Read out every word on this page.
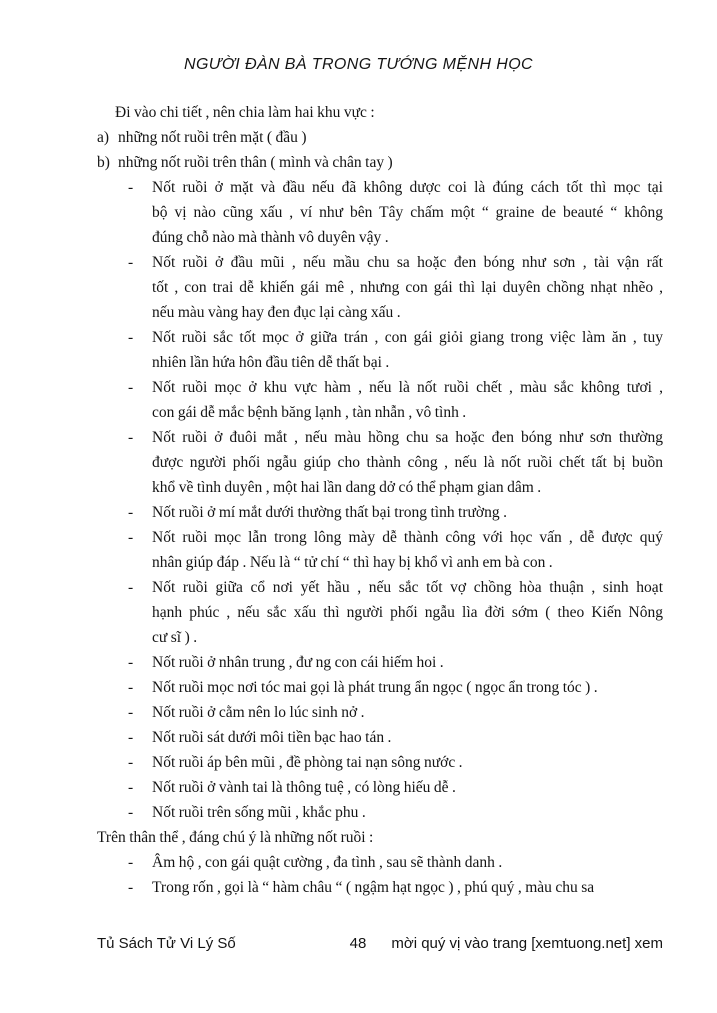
NGƯỜI ĐÀN BÀ TRONG TƯỚNG MỆNH HỌC

Đi vào chi tiết , nên chia làm hai khu vực :

a) những nốt ruồi trên mặt ( đầu )
b) những nốt ruồi trên thân ( mình và chân tay )
- Nốt ruồi ở mặt và đầu nếu đã không dược coi là đúng cách tốt thì mọc tại
bộ vị nào cũng xấu , ví như bên Tây chấm một “ graine de beauté “ không
đúng chỗ nào mà thành vô duyên vậy .
- Nốt ruồi ở đầu mũi , nếu mầu chu sa hoặc đen bóng như sơn , tài vận rất
tốt , con trai dễ khiến gái mê , nhưng con gái thì lại duyên chồng nhạt nhẽo ,
nếu màu vàng hay đen đục lại càng xấu .
- Nốt ruồi sắc tốt mọc ở giữa trán , con gái giỏi giang trong việc làm ăn , tuy
nhiên lần hứa hôn đầu tiên dễ thất bại .
- Nốt ruồi mọc ở khu vực hàm , nếu là nốt ruồi chết , màu sắc không tươi ,
con gái dễ mắc bệnh băng lạnh , tàn nhẫn , vô tình .
- Nốt ruồi ở đuôi mắt , nếu màu hồng chu sa hoặc đen bóng như sơn thường
được người phối ngẫu giúp cho thành công , nếu là nốt ruồi chết tất bị buồn
khổ về tình duyên , một hai lần dang dở có thể phạm gian dâm .
- Nốt ruồi ở mí mắt dưới thường thất bại trong tình trường .
- Nốt ruồi mọc lẫn trong lông mày dễ thành công với học vấn , dễ được quý
nhân giúp đáp . Nếu là “ tử chí “ thì hay bị khổ vì anh em bà con .
- Nốt ruồi giữa cổ nơi yết hầu , nếu sắc tốt vợ chồng hòa thuận , sinh hoạt
hạnh phúc , nếu sắc xấu thì người phối ngẫu lìa đời sớm ( theo Kiến Nông
cư sĩ ) .
- Nốt ruồi ở nhân trung , đư ng con cái hiếm hoi .
- Nốt ruồi mọc nơi tóc mai gọi là phát trung ẩn ngọc ( ngọc ẩn trong tóc ) .
- Nốt ruồi ở cằm nên lo lúc sinh nở .
- Nốt ruồi sát dưới môi tiền bạc hao tán .
- Nốt ruồi áp bên mũi , đề phòng tai nạn sông nước .
- Nốt ruồi ở vành tai là thông tuệ , có lòng hiếu dễ .
- Nốt ruồi trên sống mũi , khắc phu .

Trên thân thể , đáng chú ý là những nốt ruồi :

- Âm hộ , con gái quật cường , đa tình , sau sẽ thành danh .
- Trong rốn , gọi là “ hàm châu “ ( ngậm hạt ngọc ) , phú quý , màu chu sa
Tủ Sách Tử Vi Lý Số	48 mời quý vị vào trang [xemtuong.net] xem
